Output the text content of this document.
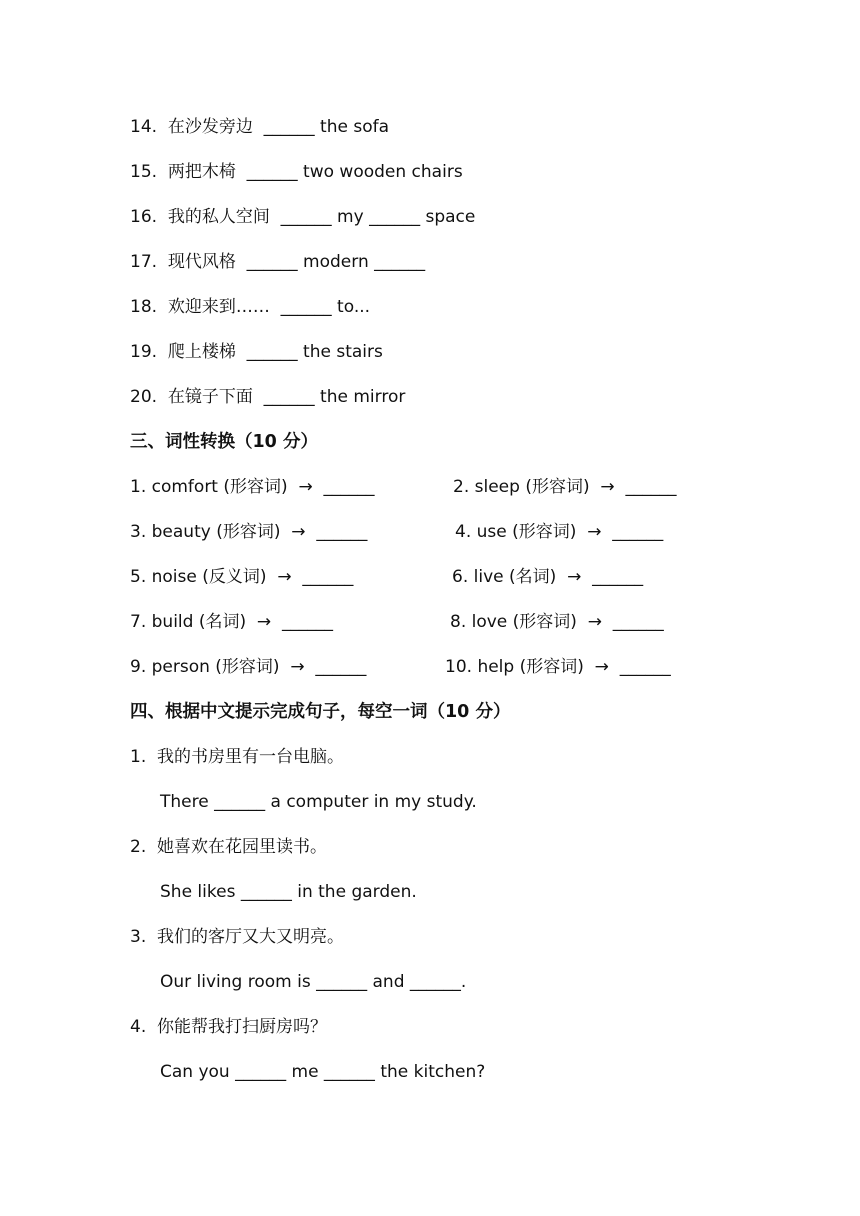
14.  在沙发旁边  ______ the sofa
15.  两把木椅  ______ two wooden chairs
16.  我的私人空间  ______ my ______ space
17.  现代风格  ______ modern ______
18.  欢迎来到……  ______ to...
19.  爬上楼梯  ______ the stairs
20.  在镜子下面  ______ the mirror
三、词性转换（10 分）
1. comfort (形容词)  →  ______	2. sleep (形容词)  →  ______
3. beauty (形容词)  →  ______	4. use (形容词)  →  ______
5. noise (反义词)  →  ______	6. live (名词)  →  ______
7. build (名词)  →  ______	8. love (形容词)  →  ______
9. person (形容词)  →  ______	10. help (形容词)  →  ______
四、根据中文提示完成句子，每空一词（10 分）
1.  我的书房里有一台电脑。
There ______ a computer in my study.
2.  她喜欢在花园里读书。
She likes ______ in the garden.
3.  我们的客厅又大又明亮。
Our living room is ______ and ______.
4.  你能帮我打扫厨房吗？
Can you ______ me ______ the kitchen?
